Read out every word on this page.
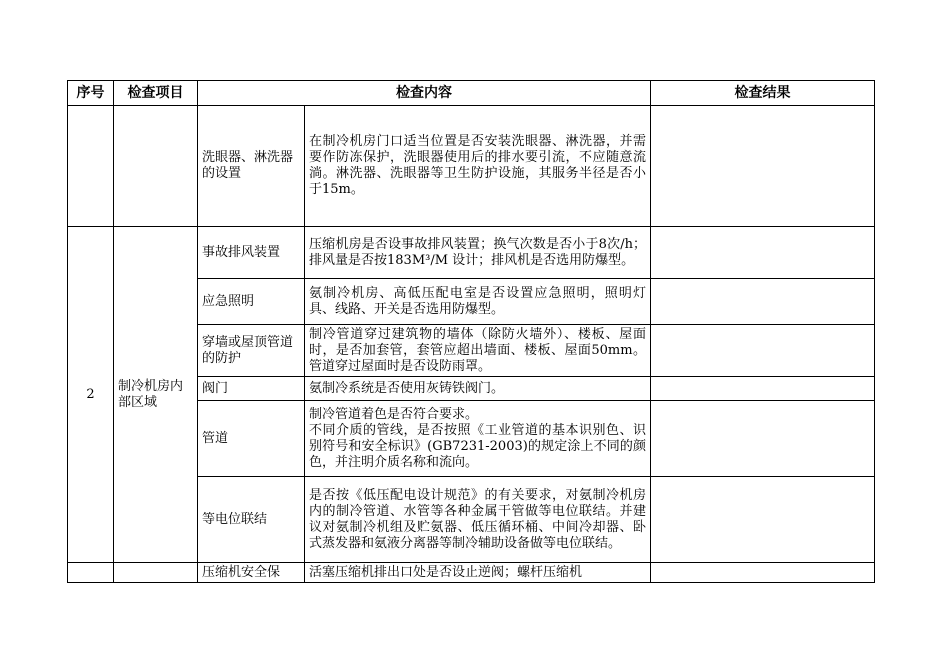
序号	检查项目	检查内容		检查结果
		洗眼器、淋洗器的设置	在制冷机房门口适当位置是否安装洗眼器、淋洗器，并需要作防冻保护，洗眼器使用后的排水要引流，不应随意流淌。淋洗器、洗眼器等卫生防护设施，其服务半径是否小于15m。	
2	制冷机房内部区域	事故排风装置	压缩机房是否设事故排风装置；换气次数是否小于8次/h；排风量是否按183M³/M 设计；排风机是否选用防爆型。	
		应急照明	氨制冷机房、高低压配电室是否设置应急照明，照明灯具、线路、开关是否选用防爆型。	
		穿墙或屋顶管道的防护	制冷管道穿过建筑物的墙体（除防火墙外）、楼板、屋面时，是否加套管，套管应超出墙面、楼板、屋面50mm。管道穿过屋面时是否设防雨罩。	
		阀门	氨制冷系统是否使用灰铸铁阀门。	
		管道	制冷管道着色是否符合要求。
不同介质的管线，是否按照《工业管道的基本识别色、识别符号和安全标识》(GB7231-2003)的规定涂上不同的颜色，并注明介质名称和流向。	

		等电位联结	是否按《低压配电设计规范》的有关要求，对氨制冷机房内的制冷管道、水管等各种金属干管做等电位联结。并建议对氨制冷机组及贮氨器、低压循环桶、中间冷却器、卧式蒸发器和氨液分离器等制冷辅助设备做等电位联结。	
		压缩机安全保	活塞压缩机排出口处是否设止逆阀；螺杆压缩机	
